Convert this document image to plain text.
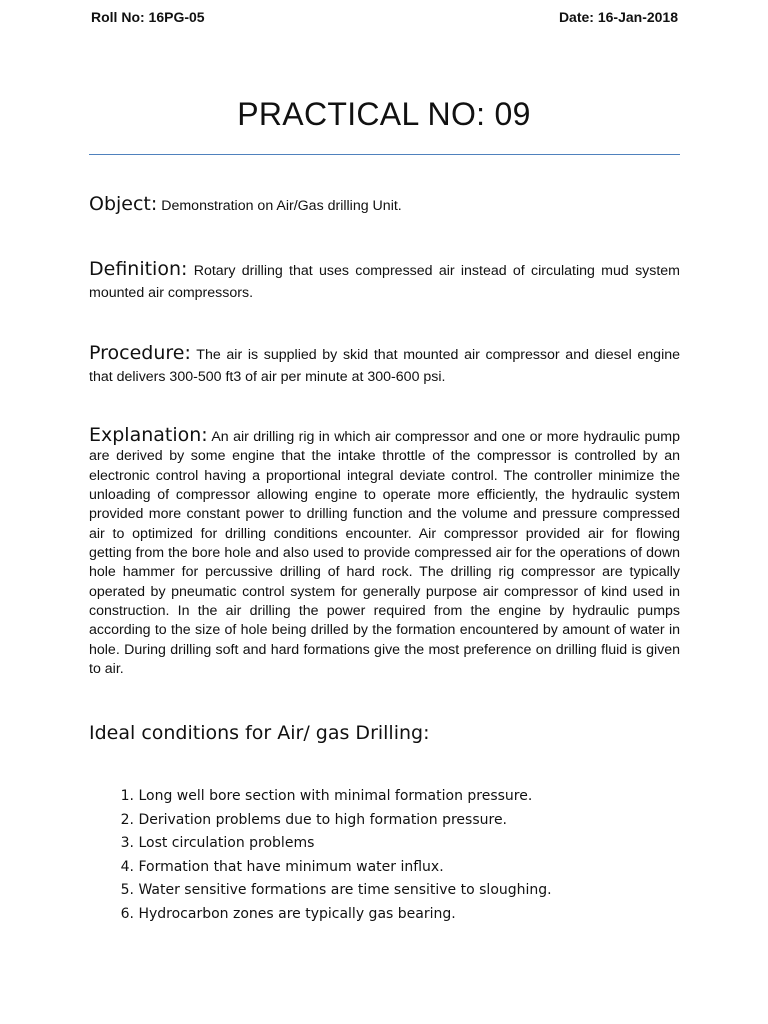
Roll No: 16PG-05	Date: 16-Jan-2018
PRACTICAL NO: 09
Object: Demonstration on Air/Gas drilling Unit.
Definition: Rotary drilling that uses compressed air instead of circulating mud system mounted air compressors.
Procedure: The air is supplied by skid that mounted air compressor and diesel engine that delivers 300-500 ft3 of air per minute at 300-600 psi.
Explanation: An air drilling rig in which air compressor and one or more hydraulic pump are derived by some engine that the intake throttle of the compressor is controlled by an electronic control having a proportional integral deviate control. The controller minimize the unloading of compressor allowing engine to operate more efficiently, the hydraulic system provided more constant power to drilling function and the volume and pressure compressed air to optimized for drilling conditions encounter. Air compressor provided air for flowing getting from the bore hole and also used to provide compressed air for the operations of down hole hammer for percussive drilling of hard rock. The drilling rig compressor are typically operated by pneumatic control system for generally purpose air compressor of kind used in construction. In the air drilling the power required from the engine by hydraulic pumps according to the size of hole being drilled by the formation encountered by amount of water in hole. During drilling soft and hard formations give the most preference on drilling fluid is given to air.
Ideal conditions for Air/ gas Drilling:
1. Long well bore section with minimal formation pressure.
2. Derivation problems due to high formation pressure.
3. Lost circulation problems
4. Formation that have minimum water influx.
5. Water sensitive formations are time sensitive to sloughing.
6. Hydrocarbon zones are typically gas bearing.
